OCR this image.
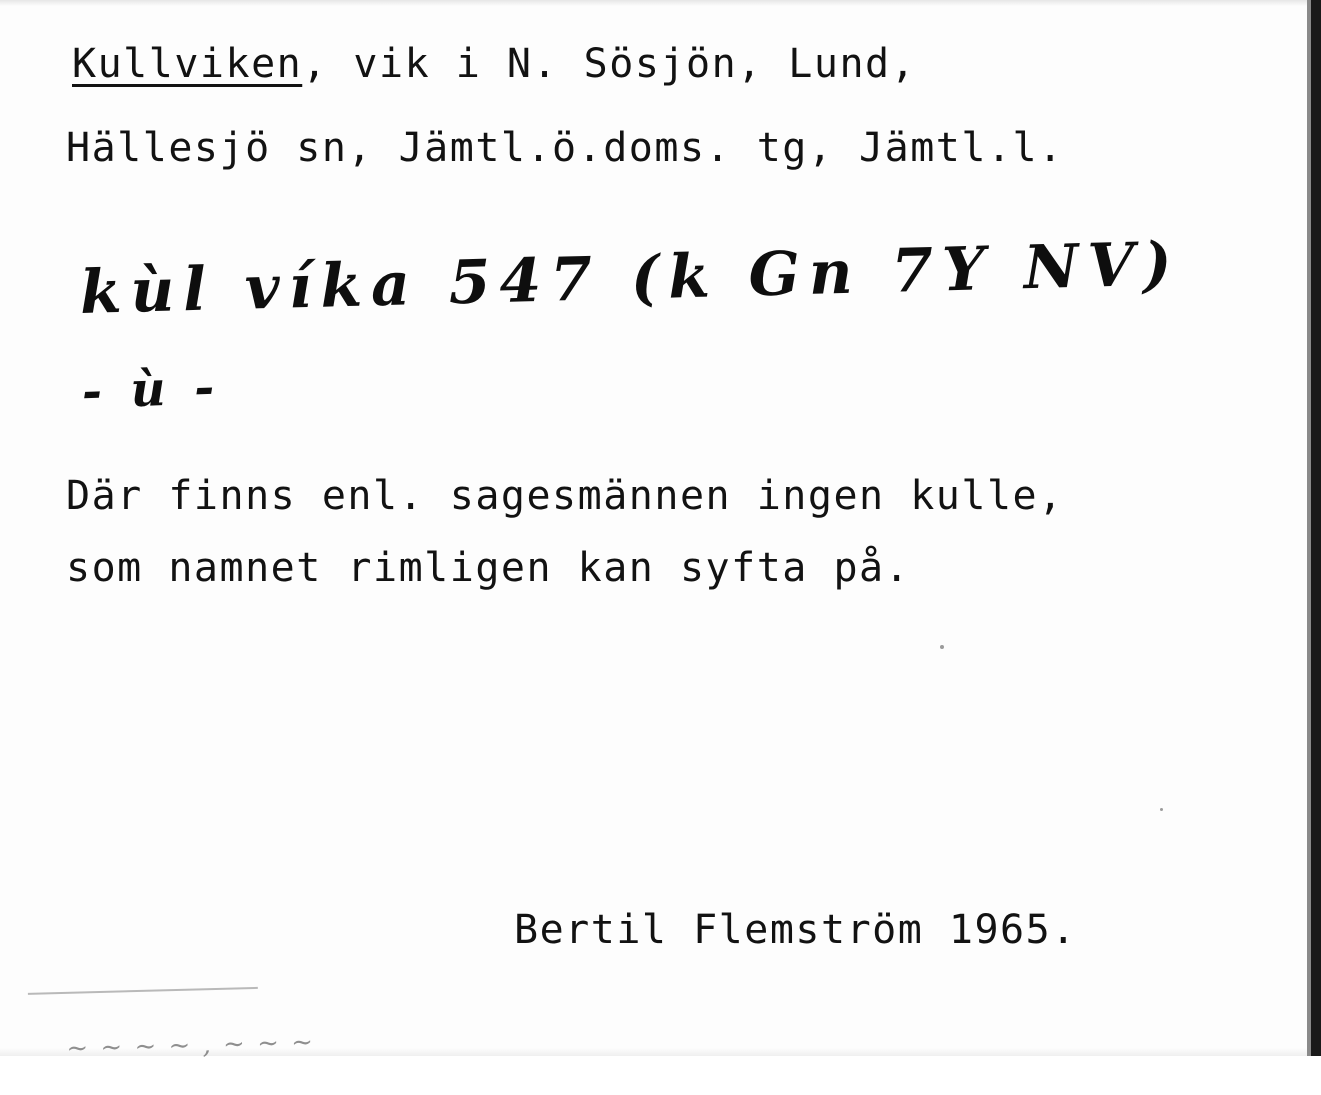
Kullviken, vik i N. Sösjön, Lund,
Hällesjö sn, Jämtl.ö.doms. tg, Jämtl.l.
kùl víka 547 (k Gn 7Y NV)
- ù -
Där finns enl. sagesmännen ingen kulle,
som namnet rimligen kan syfta på.
Bertil Flemström 1965.

~ ~ ~ ~ , ~ ~ ~
